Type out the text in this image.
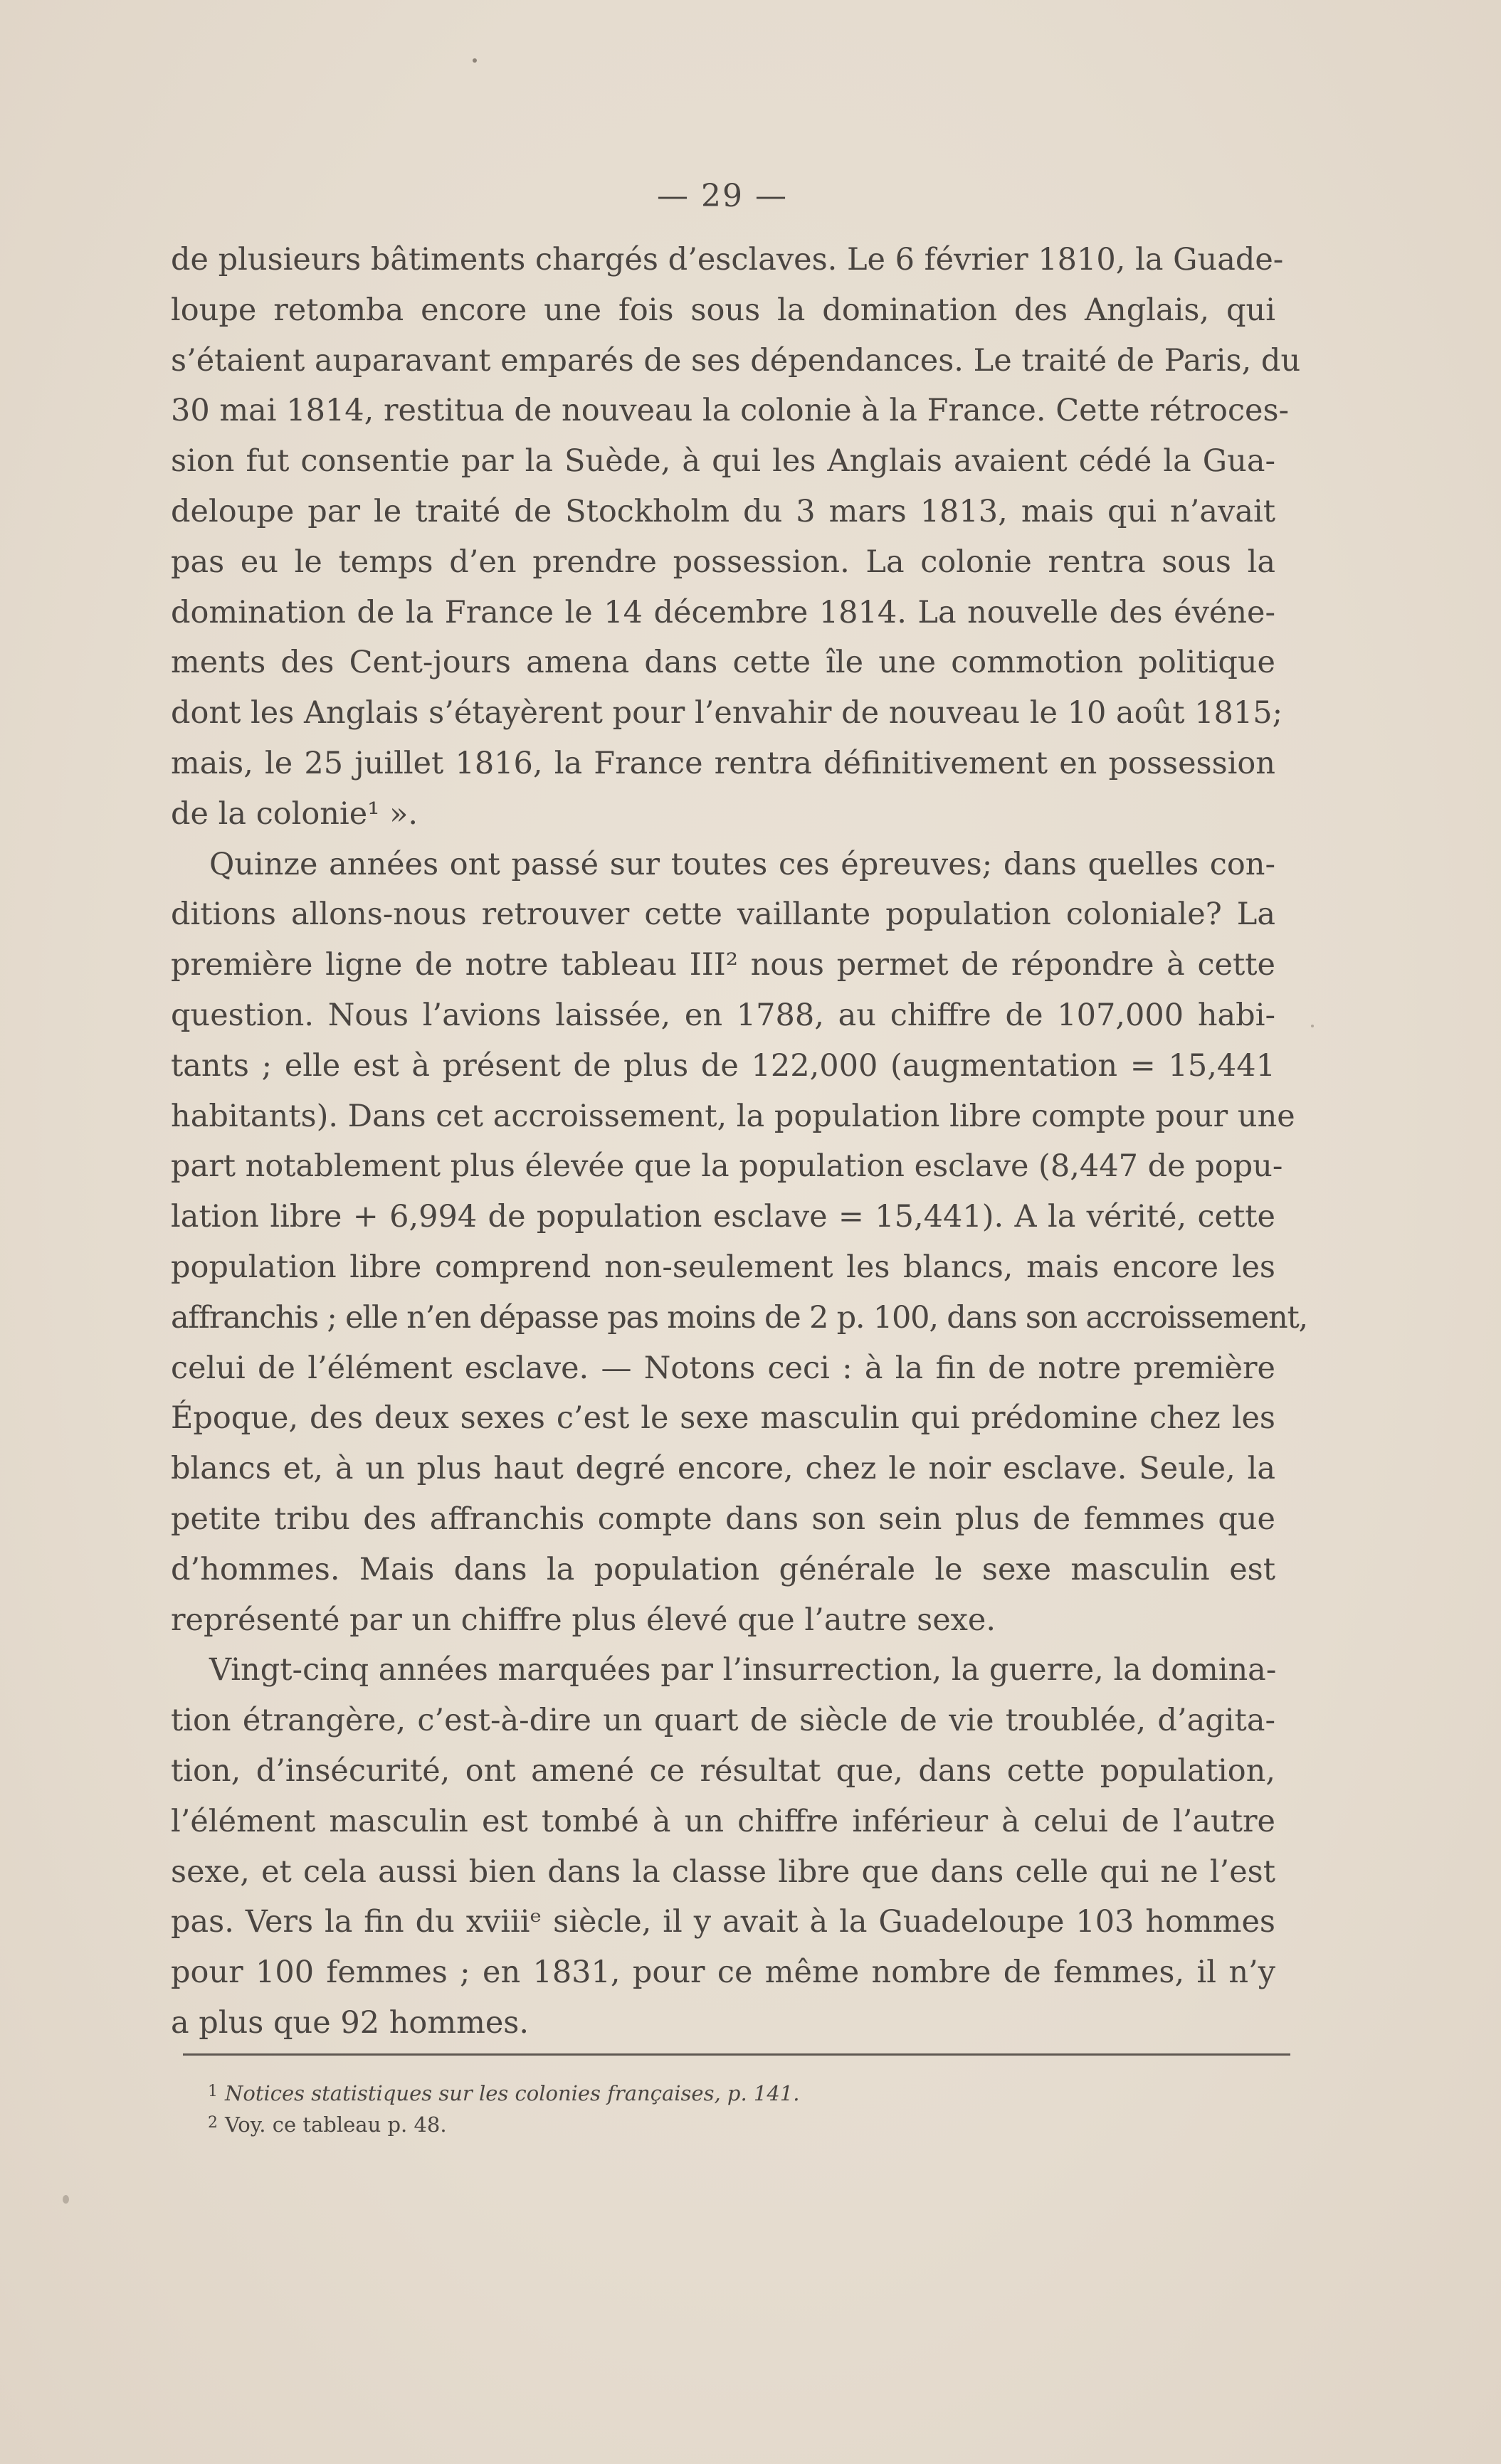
— 29 —
de plusieurs bâtiments chargés d’esclaves. Le 6 février 1810, la Guade-
loupe retomba encore une fois sous la domination des Anglais, qui
s’étaient auparavant emparés de ses dépendances. Le traité de Paris, du
30 mai 1814, restitua de nouveau la colonie à la France. Cette rétroces-
sion fut consentie par la Suède, à qui les Anglais avaient cédé la Gua-
deloupe par le traité de Stockholm du 3 mars 1813, mais qui n’avait
pas eu le temps d’en prendre possession. La colonie rentra sous la
domination de la France le 14 décembre 1814. La nouvelle des événe-
ments des Cent-jours amena dans cette île une commotion politique
dont les Anglais s’étayèrent pour l’envahir de nouveau le 10 août 1815;
mais, le 25 juillet 1816, la France rentra définitivement en possession
de la colonie¹ ».
Quinze années ont passé sur toutes ces épreuves; dans quelles con-
ditions allons-nous retrouver cette vaillante population coloniale? La
première ligne de notre tableau III² nous permet de répondre à cette
question. Nous l’avions laissée, en 1788, au chiffre de 107,000 habi-
tants ; elle est à présent de plus de 122,000 (augmentation = 15,441
habitants). Dans cet accroissement, la population libre compte pour une
part notablement plus élevée que la population esclave (8,447 de popu-
lation libre + 6,994 de population esclave = 15,441). A la vérité, cette
population libre comprend non-seulement les blancs, mais encore les
affranchis ; elle n’en dépasse pas moins de 2 p. 100, dans son accroissement,
celui de l’élément esclave. — Notons ceci : à la fin de notre première
Époque, des deux sexes c’est le sexe masculin qui prédomine chez les
blancs et, à un plus haut degré encore, chez le noir esclave. Seule, la
petite tribu des affranchis compte dans son sein plus de femmes que
d’hommes. Mais dans la population générale le sexe masculin est
représenté par un chiffre plus élevé que l’autre sexe.
Vingt-cinq années marquées par l’insurrection, la guerre, la domina-
tion étrangère, c’est-à-dire un quart de siècle de vie troublée, d’agita-
tion, d’insécurité, ont amené ce résultat que, dans cette population,
l’élément masculin est tombé à un chiffre inférieur à celui de l’autre
sexe, et cela aussi bien dans la classe libre que dans celle qui ne l’est
pas. Vers la fin du xviiiᵉ siècle, il y avait à la Guadeloupe 103 hommes
pour 100 femmes ; en 1831, pour ce même nombre de femmes, il n’y
a plus que 92 hommes.
$^1$ Notices statistiques sur les colonies françaises, p. 141.
$^2$ Voy. ce tableau p. 48.
